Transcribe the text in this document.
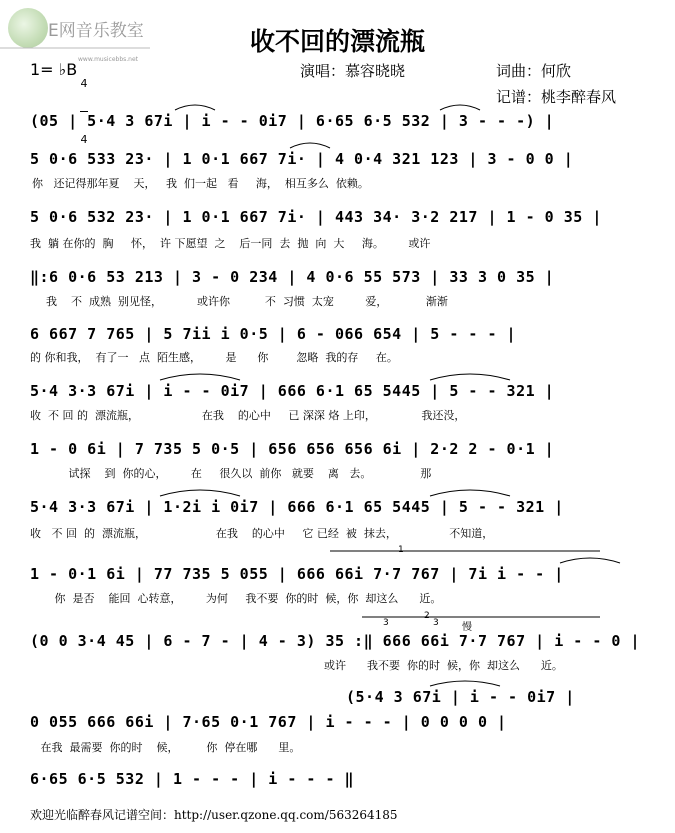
E网音乐教室

www.musicebbs.net

收不回的漂流瓶
1= ♭B

4

4

演唱：慕容晓晓	词曲：何欣
记谱：桃李醉春风
(05 | 5·4 3 67i | i - - 0i7 | 6·65 6·5 532 | 3 - - -) |
5 0·6 533 23· | 1 0·1 667 7i· | 4 0·4 321 123 | 3 - 0 0 |
你   还记得那年夏    天，   我  们一起   看     海，  相互多么  依赖。
5 0·6 532 23· | 1 0·1 667 7i· | 443 34· 3·2 217 | 1 - 0 35 |
我  躺 在你的  胸     怀，  许 下愿望  之    后一同  去  抛  向  大     海。       或许
‖:6 0·6 53 213 | 3 - 0 234 | 4 0·6 55 573 | 33 3 0 35 |
我    不  成熟  别见怪，          或许你          不  习惯  太宠         爱，           渐渐
6 667 7 765 | 5 7ii i 0·5 | 6 - 066 654 | 5 - - - |
的 你和我，  有了一   点  陌生感，       是      你        忽略  我的存     在。
5·4 3·3 67i | i - - 0i7 | 666 6·1 65 5445 | 5 - - 321 |
收  不 回 的  漂流瓶，                  在我    的心中     已 深深 烙 上印，             我还没，
1 - 0 6i | 7 735 5 0·5 | 656 656 656 6i | 2·2 2 - 0·1 |
试探    到  你的心，       在     很久以  前你   就要    离   去。              那
5·4 3·3 67i | 1·2i i 0i7 | 666 6·1 65 5445 | 5 - - 321 |
收   不 回  的  漂流瓶，                    在我    的心中     它 已经  被  抹去，               不知道，
1 - 0·1 6i | 77 735 5 055 | 666 66i 7·7 767 | 7i i - - |
你  是否    能回  心转意，       为何     我不要  你的时  候，你  却这么      近。
(0 0 3·4 45 | 6 - 7 - | 4 - 3) 35 :‖ 666 66i 7·7 767 | i - - 0 |
或许      我不要  你的时  候，你  却这么      近。
(5·4 3 67i | i - - 0i7 |
0 055 666 66i | 7·65 0·1 767 | i - - - | 0 0 0 0 |
在我  最需要  你的时    候，        你  停在哪      里。
6·65 6·5 532 | 1 - - - | i - - - ‖
1
2
3	3 慢
欢迎光临醉春风记谱空间：http://user.qzone.qq.com/563264185
